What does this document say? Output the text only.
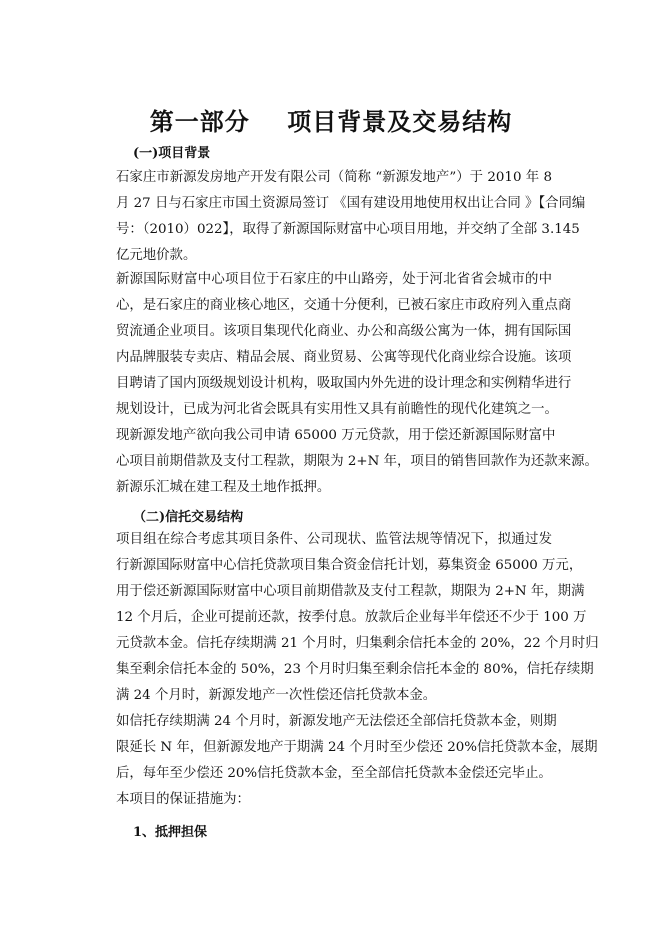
第一部分    项目背景及交易结构
(一)项目背景
石家庄市新源发房地产开发有限公司（简称 “新源发地产”）于 2010 年 8
月 27 日与石家庄市国土资源局签订 《国有建设用地使用权出让合同 》【合同编
号：（2010）022】，取得了新源国际财富中心项目用地，并交纳了全部 3.145
亿元地价款。
新源国际财富中心项目位于石家庄的中山路旁，处于河北省省会城市的中
心，是石家庄的商业核心地区，交通十分便利，已被石家庄市政府列入重点商
贸流通企业项目。该项目集现代化商业、办公和高级公寓为一体，拥有国际国
内品牌服装专卖店、精品会展、商业贸易、公寓等现代化商业综合设施。该项
目聘请了国内顶级规划设计机构，吸取国内外先进的设计理念和实例精华进行
规划设计，已成为河北省会既具有实用性又具有前瞻性的现代化建筑之一。
现新源发地产欲向我公司申请 65000 万元贷款，用于偿还新源国际财富中
心项目前期借款及支付工程款，期限为 2+N 年，项目的销售回款作为还款来源。
新源乐汇城在建工程及土地作抵押。
（二)信托交易结构
项目组在综合考虑其项目条件、公司现状、监管法规等情况下，拟通过发
行新源国际财富中心信托贷款项目集合资金信托计划，募集资金 65000 万元，
用于偿还新源国际财富中心项目前期借款及支付工程款，期限为 2+N 年，期满
12 个月后，企业可提前还款，按季付息。放款后企业每半年偿还不少于 100 万
元贷款本金。信托存续期满 21 个月时，归集剩余信托本金的 20%，22 个月时归
集至剩余信托本金的 50%，23 个月时归集至剩余信托本金的 80%，信托存续期
满 24 个月时，新源发地产一次性偿还信托贷款本金。
如信托存续期满 24 个月时，新源发地产无法偿还全部信托贷款本金，则期
限延长 N 年，但新源发地产于期满 24 个月时至少偿还 20%信托贷款本金，展期
后，每年至少偿还 20%信托贷款本金，至全部信托贷款本金偿还完毕止。
本项目的保证措施为：
1、抵押担保
